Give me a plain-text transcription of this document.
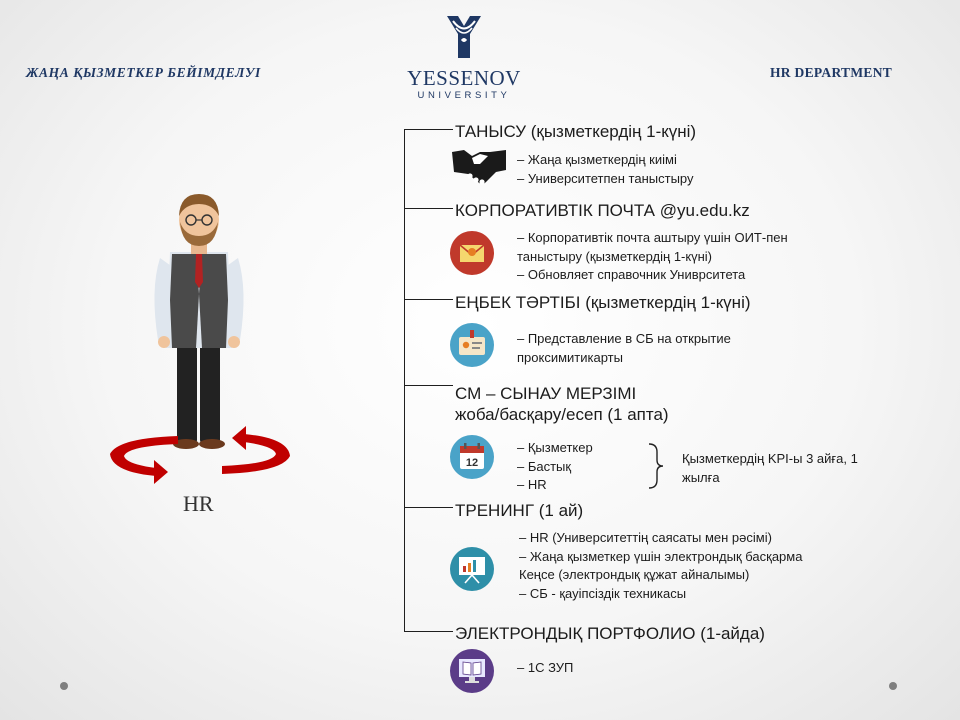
ЖАҢА ҚЫЗМЕТКЕР БЕЙІМДЕЛУІ	HR DEPARTMENT
YESSENOV
UNIVERSITY
HR
ТАНЫСУ (қызметкердің 1-күні)
– Жаңа қызметкердің киімі
– Университетпен таныстыру
КОРПОРАТИВТІК ПОЧТА @yu.edu.kz
– Корпоративтік почта аштыру үшін ОИТ-пен
таныстыру (қызметкердің 1-күні)
– Обновляет справочник Униврситета
ЕҢБЕК ТӘРТІБІ (қызметкердің 1-күні)
– Представление в СБ на открытие
проксимитикарты
СМ – СЫНАУ МЕРЗІМІ
жоба/басқару/есеп (1 апта)
12
– Қызметкер
– Бастық
– HR
Қызметкердің KPI-ы 3 айға, 1
жылға
ТРЕНИНГ (1 ай)
– HR (Университеттің саясаты мен рәсімі)
– Жаңа қызметкер үшін электрондық басқарма
Кеңсе (электрондық құжат айналымы)
– СБ - қауіпсіздік техникасы
ЭЛЕКТРОНДЫҚ ПОРТФОЛИО (1-айда)
– 1С ЗУП
